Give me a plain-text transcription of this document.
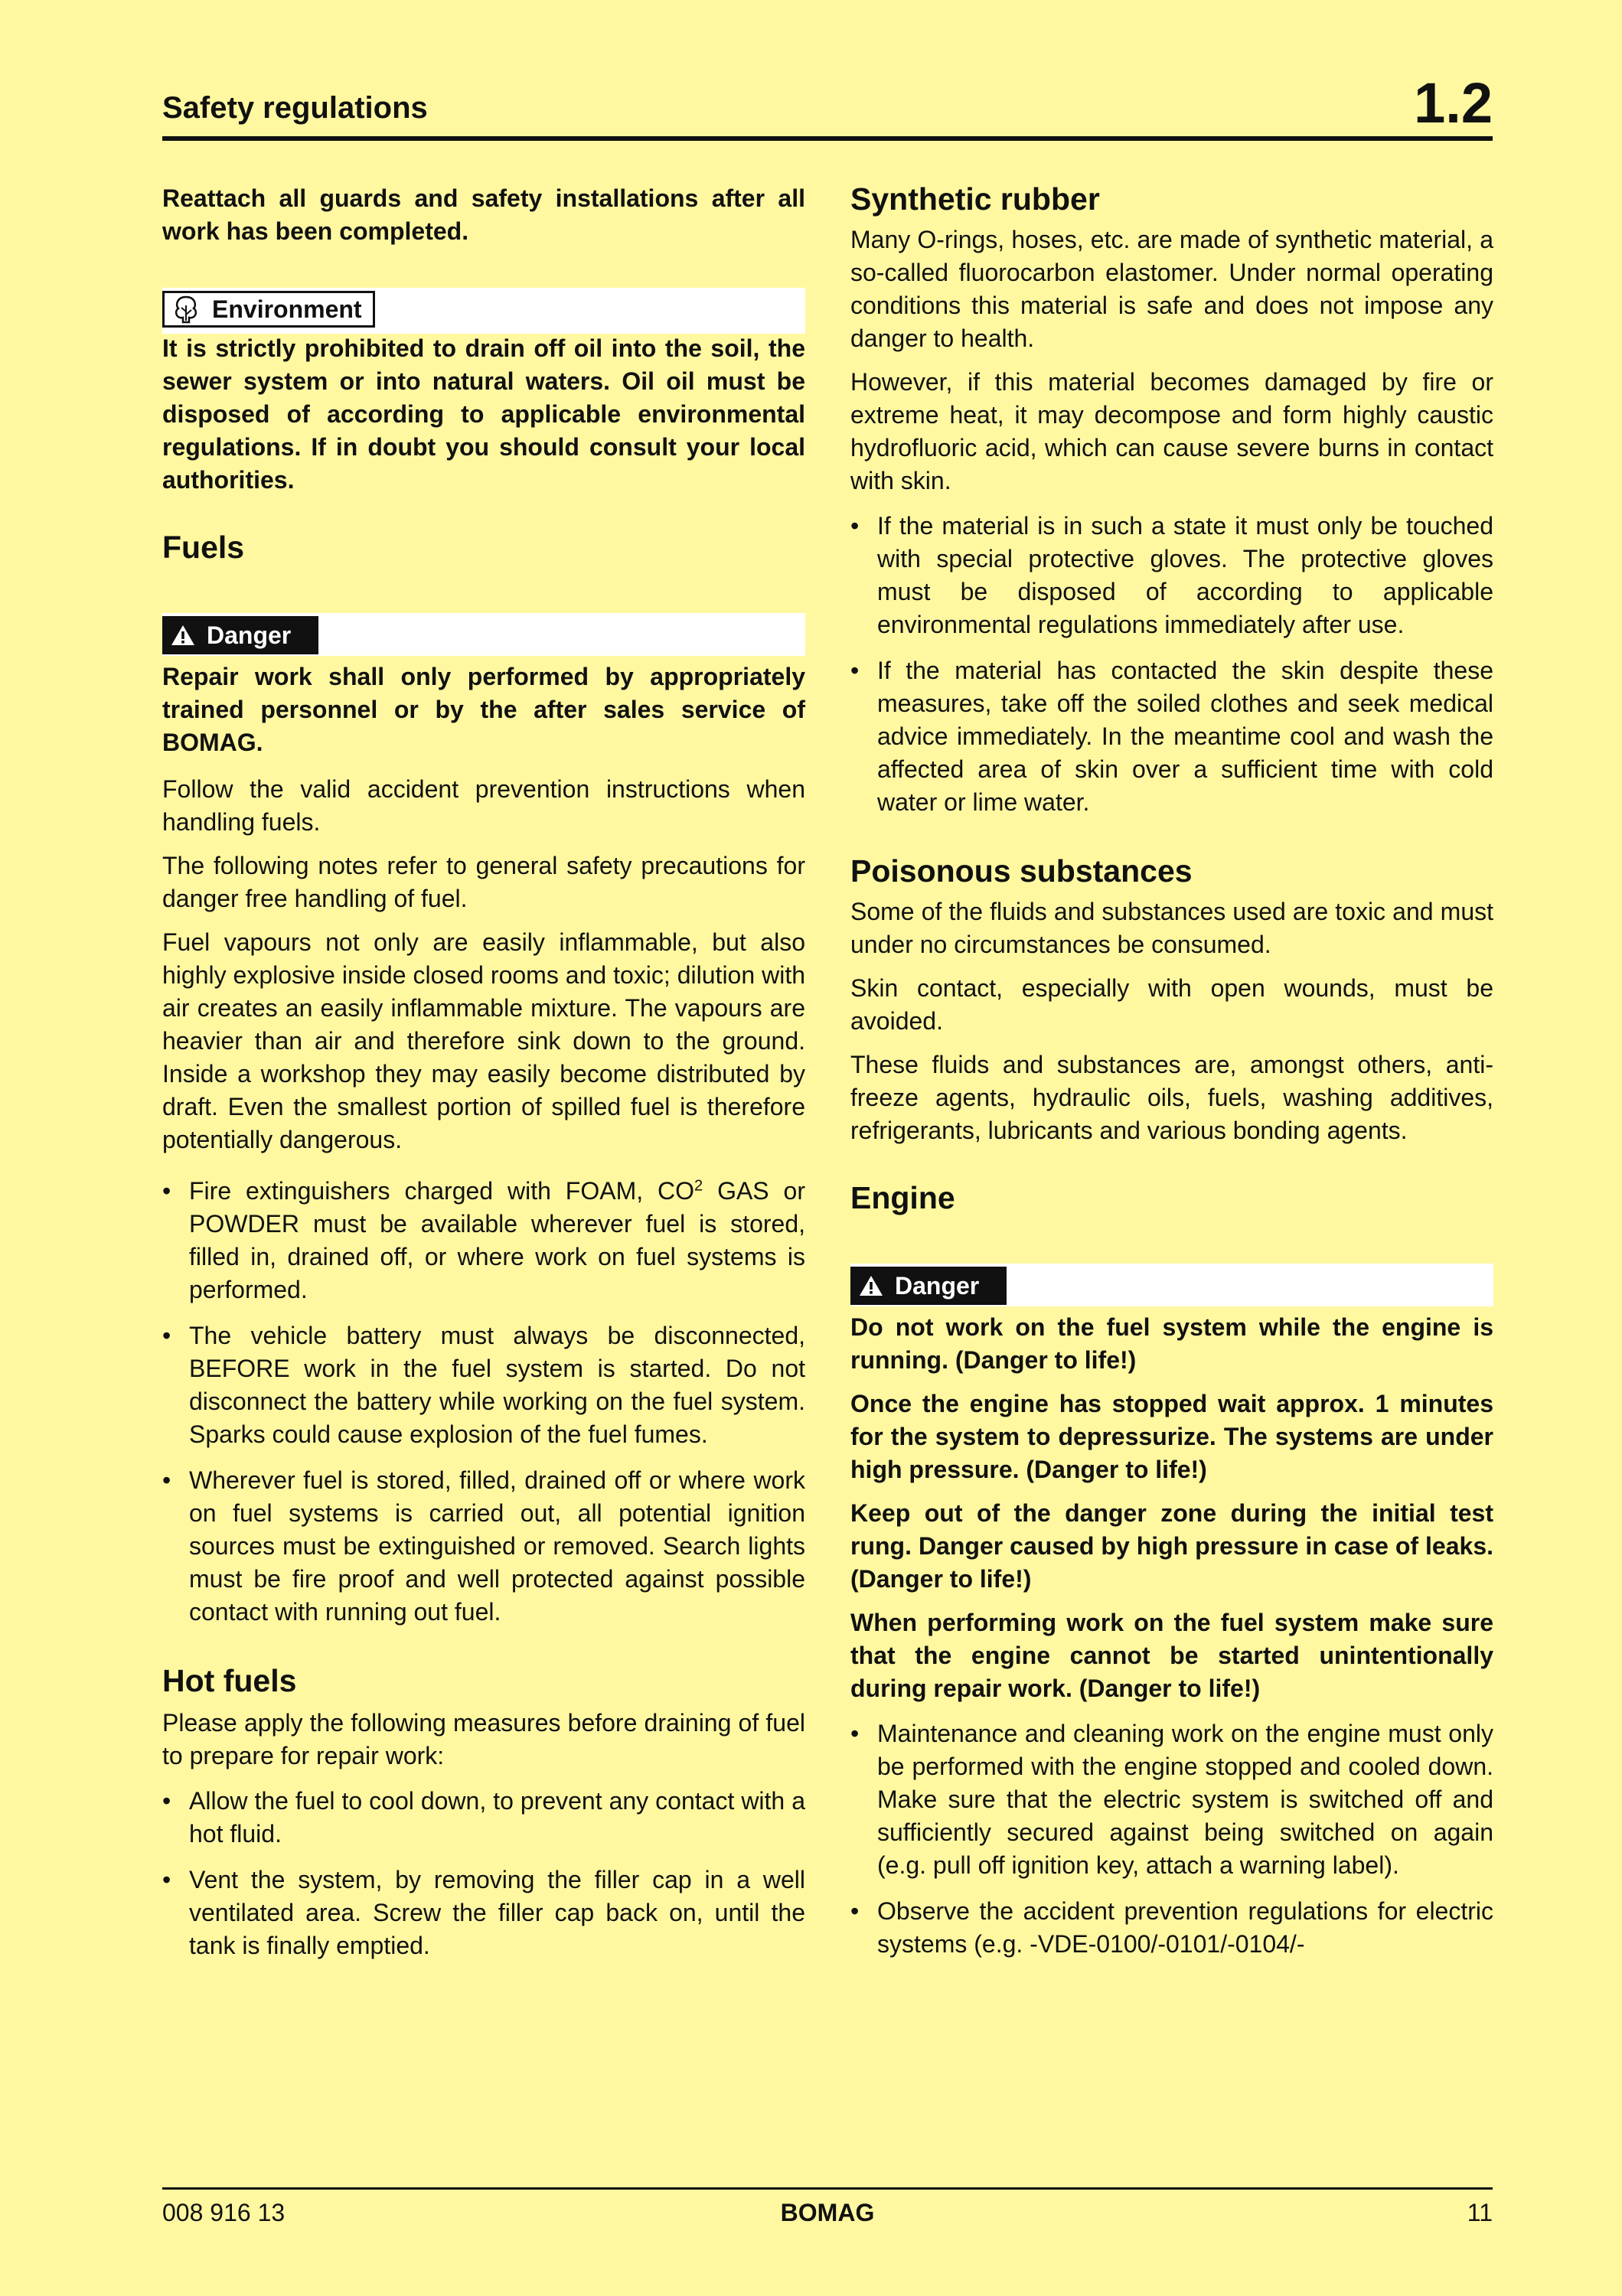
Safety regulations	1.2

Reattach all guards and safety installations after all work has been completed.

Environment

It is strictly prohibited to drain off oil into the soil, the sewer system or into natural waters. Oil oil must be disposed of according to applicable environmental regulations. If in doubt you should consult your local authorities.

Fuels
Danger

Repair work shall only performed by appropriately trained personnel or by the after sales service of BOMAG.

Follow the valid accident prevention instructions when handling fuels.

The following notes refer to general safety precautions for danger free handling of fuel.

Fuel vapours not only are easily inflammable, but also highly explosive inside closed rooms and toxic; dilution with air creates an easily inflammable mixture. The vapours are heavier than air and therefore sink down to the ground. Inside a workshop they may easily become distributed by draft. Even the smallest portion of spilled fuel is therefore potentially dangerous.

• Fire extinguishers charged with FOAM, $CO^2$ GAS or POWDER must be available wherever fuel is stored, filled in, drained off, or where work on fuel systems is performed.
• The vehicle battery must always be disconnected, BEFORE work in the fuel system is started. Do not disconnect the battery while working on the fuel system. Sparks could cause explosion of the fuel fumes.
• Wherever fuel is stored, filled, drained off or where work on fuel systems is carried out, all potential ignition sources must be extinguished or removed. Search lights must be fire proof and well protected against possible contact with running out fuel.
Hot fuels

Please apply the following measures before draining of fuel to prepare for repair work:

• Allow the fuel to cool down, to prevent any contact with a hot fluid.
• Vent the system, by removing the filler cap in a well ventilated area. Screw the filler cap back on, until the tank is finally emptied.
Synthetic rubber

Many O-rings, hoses, etc. are made of synthetic material, a so-called fluorocarbon elastomer. Under normal operating conditions this material is safe and does not impose any danger to health.

However, if this material becomes damaged by fire or extreme heat, it may decompose and form highly caustic hydrofluoric acid, which can cause severe burns in contact with skin.

• If the material is in such a state it must only be touched with special protective gloves. The protective gloves must be disposed of according to applicable environmental regulations immediately after use.
• If the material has contacted the skin despite these measures, take off the soiled clothes and seek medical advice immediately. In the meantime cool and wash the affected area of skin over a sufficient time with cold water or lime water.
Poisonous substances

Some of the fluids and substances used are toxic and must under no circumstances be consumed.

Skin contact, especially with open wounds, must be avoided.

These fluids and substances are, amongst others, anti-freeze agents, hydraulic oils, fuels, washing additives, refrigerants, lubricants and various bonding agents.

Engine
Danger

Do not work on the fuel system while the engine is running. (Danger to life!)

Once the engine has stopped wait approx. 1 minutes for the system to depressurize. The systems are under high pressure. (Danger to life!)

Keep out of the danger zone during the initial test rung. Danger caused by high pressure in case of leaks. (Danger to life!)

When performing work on the fuel system make sure that the engine cannot be started unintentionally during repair work. (Danger to life!)

• Maintenance and cleaning work on the engine must only be performed with the engine stopped and cooled down. Make sure that the electric system is switched off and sufficiently secured against being switched on again (e.g. pull off ignition key, attach a warning label).
• Observe the accident prevention regulations for electric systems (e.g. -VDE-0100/-0101/-0104/-
008 916 13	BOMAG	11
